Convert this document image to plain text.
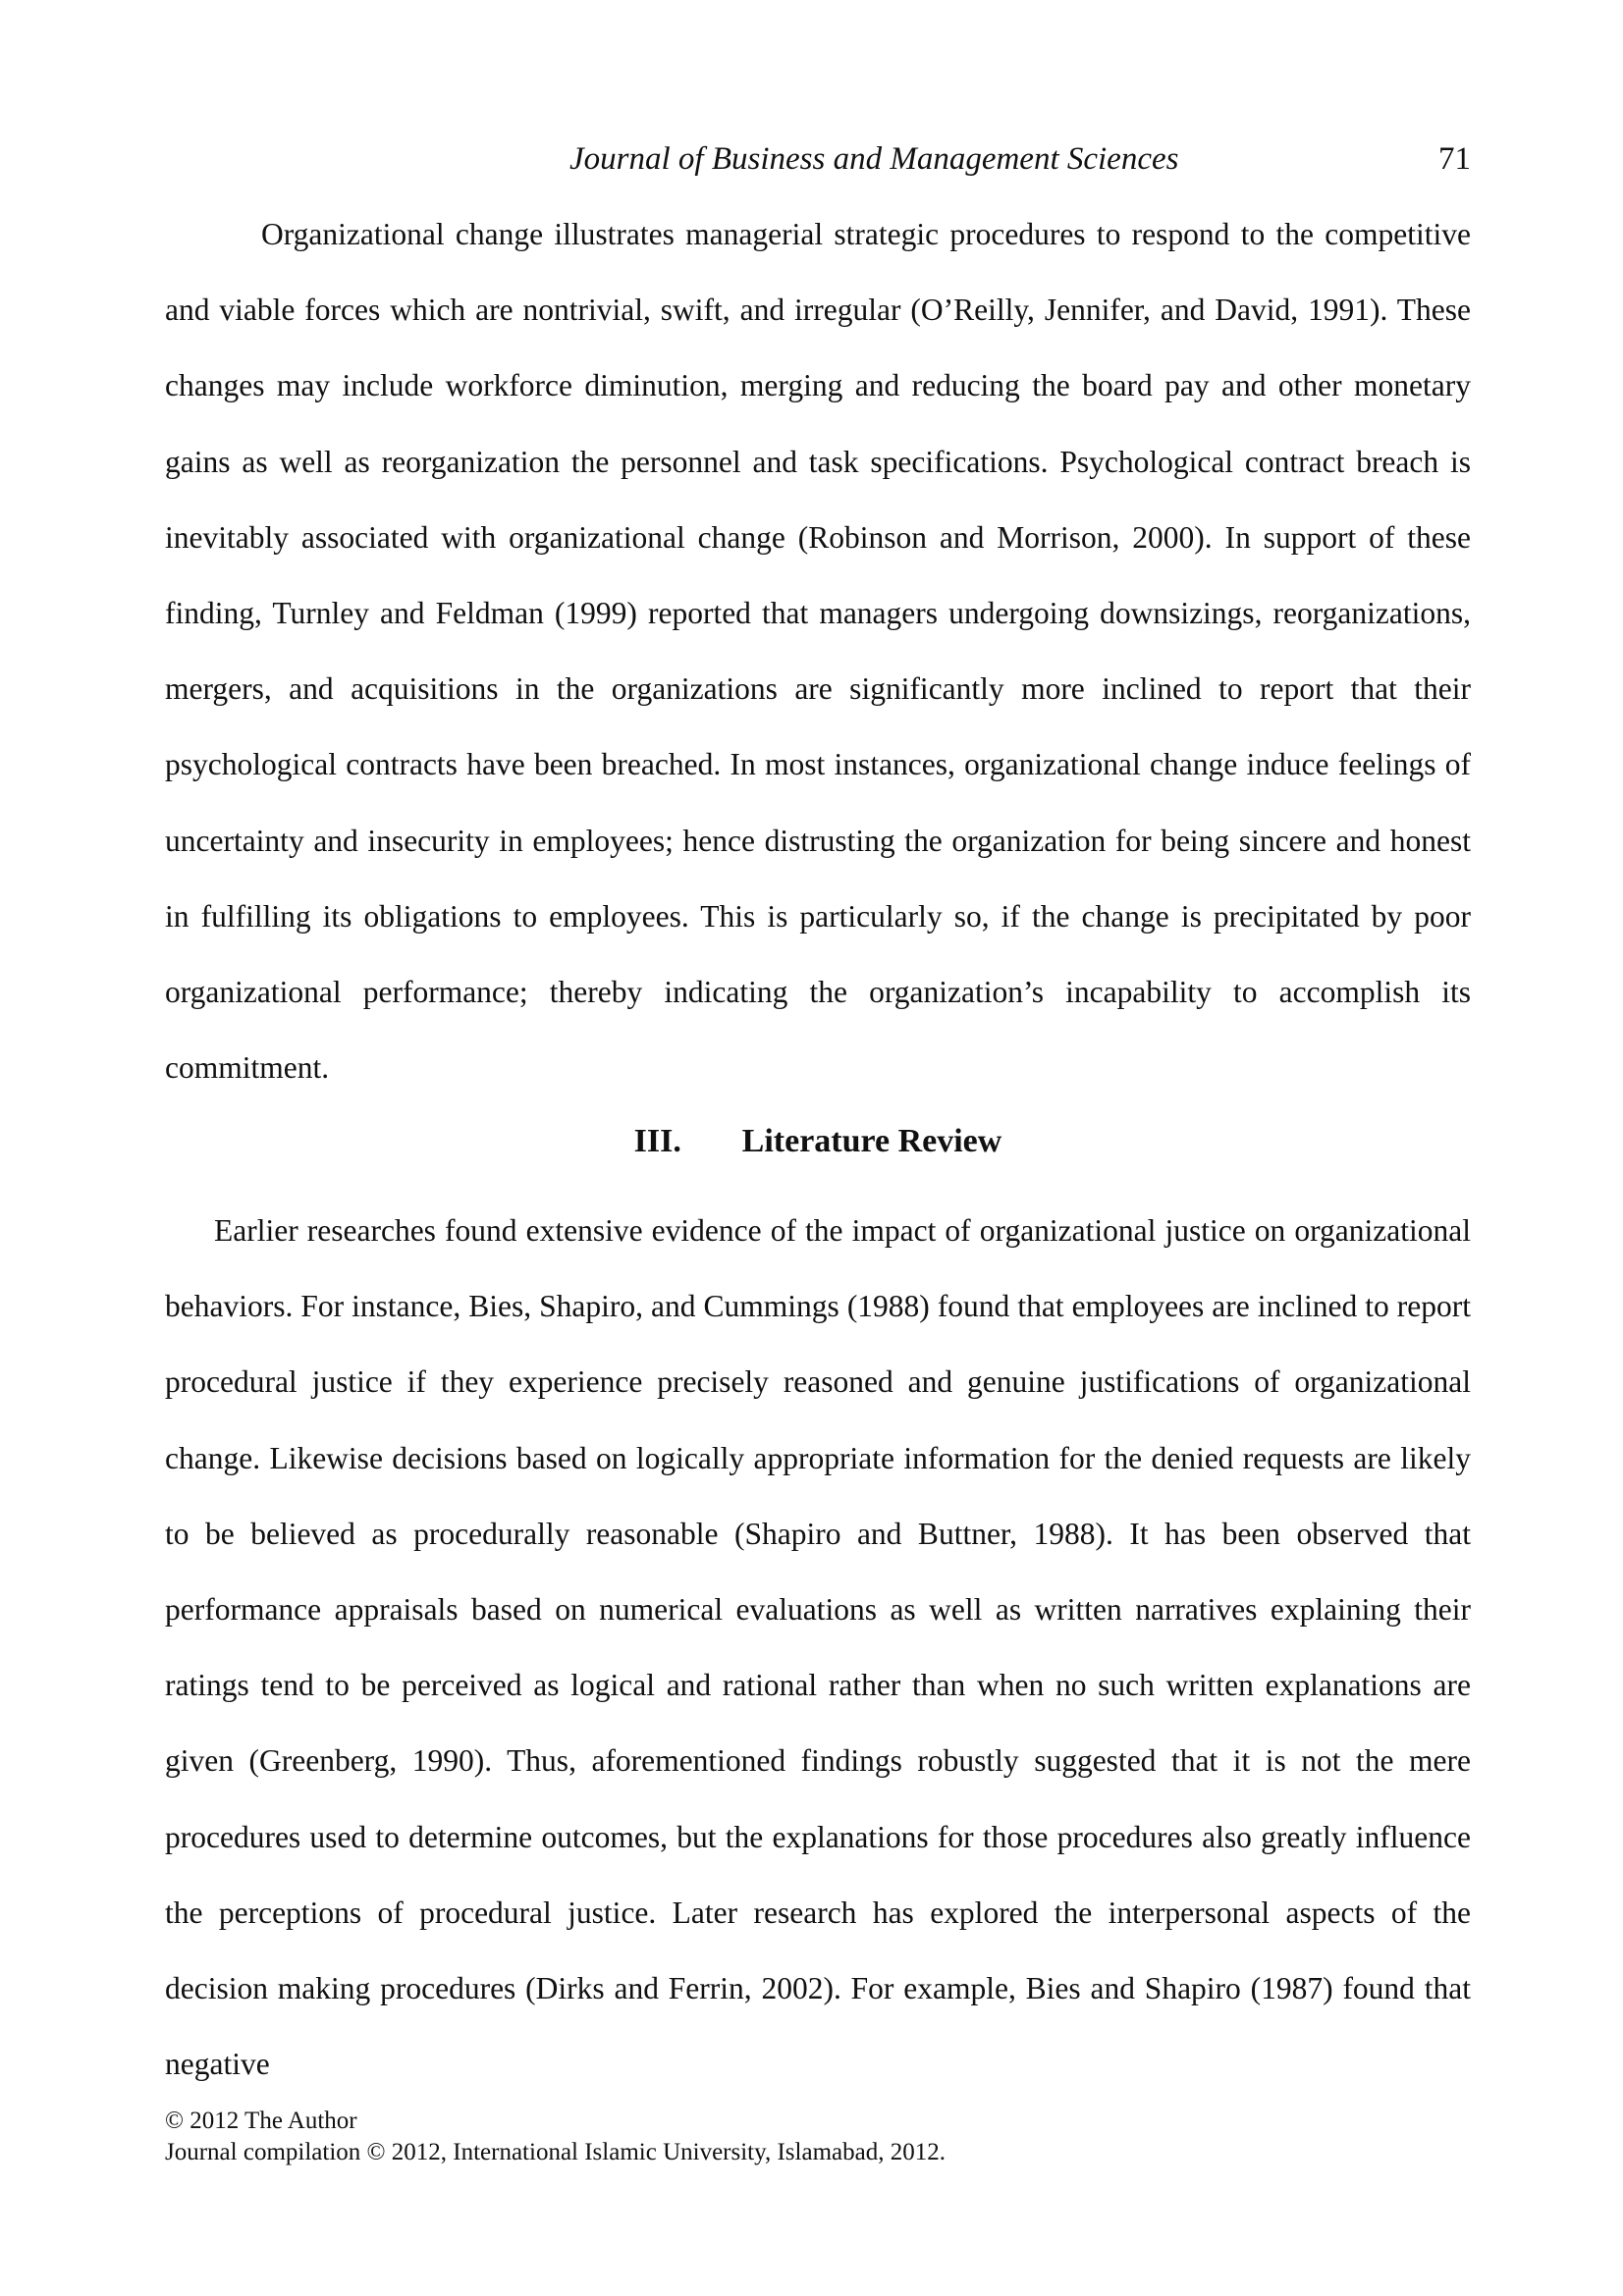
Journal of Business and Management Sciences	71

Organizational change illustrates managerial strategic procedures to respond to the competitive and viable forces which are nontrivial, swift, and irregular (O’Reilly, Jennifer, and David, 1991). These changes may include workforce diminution, merging and reducing the board pay and other monetary gains as well as reorganization the personnel and task specifications. Psychological contract breach is inevitably associated with organizational change (Robinson and Morrison, 2000). In support of these finding, Turnley and Feldman (1999) reported that managers undergoing downsizings, reorganizations, mergers, and acquisitions in the organizations are significantly more inclined to report that their psychological contracts have been breached. In most instances, organizational change induce feelings of uncertainty and insecurity in employees; hence distrusting the organization for being sincere and honest in fulfilling its obligations to employees. This is particularly so, if the change is precipitated by poor organizational performance; thereby indicating the organization’s incapability to accomplish its commitment.

III. Literature Review

Earlier researches found extensive evidence of the impact of organizational justice on organizational behaviors. For instance, Bies, Shapiro, and Cummings (1988) found that employees are inclined to report procedural justice if they experience precisely reasoned and genuine justifications of organizational change. Likewise decisions based on logically appropriate information for the denied requests are likely to be believed as procedurally reasonable (Shapiro and Buttner, 1988). It has been observed that performance appraisals based on numerical evaluations as well as written narratives explaining their ratings tend to be perceived as logical and rational rather than when no such written explanations are given (Greenberg, 1990). Thus, aforementioned findings robustly suggested that it is not the mere procedures used to determine outcomes, but the explanations for those procedures also greatly influence the perceptions of procedural justice. Later research has explored the interpersonal aspects of the decision making procedures (Dirks and Ferrin, 2002). For example, Bies and Shapiro (1987) found that negative

© 2012 The Author
Journal compilation © 2012, International Islamic University, Islamabad, 2012.
